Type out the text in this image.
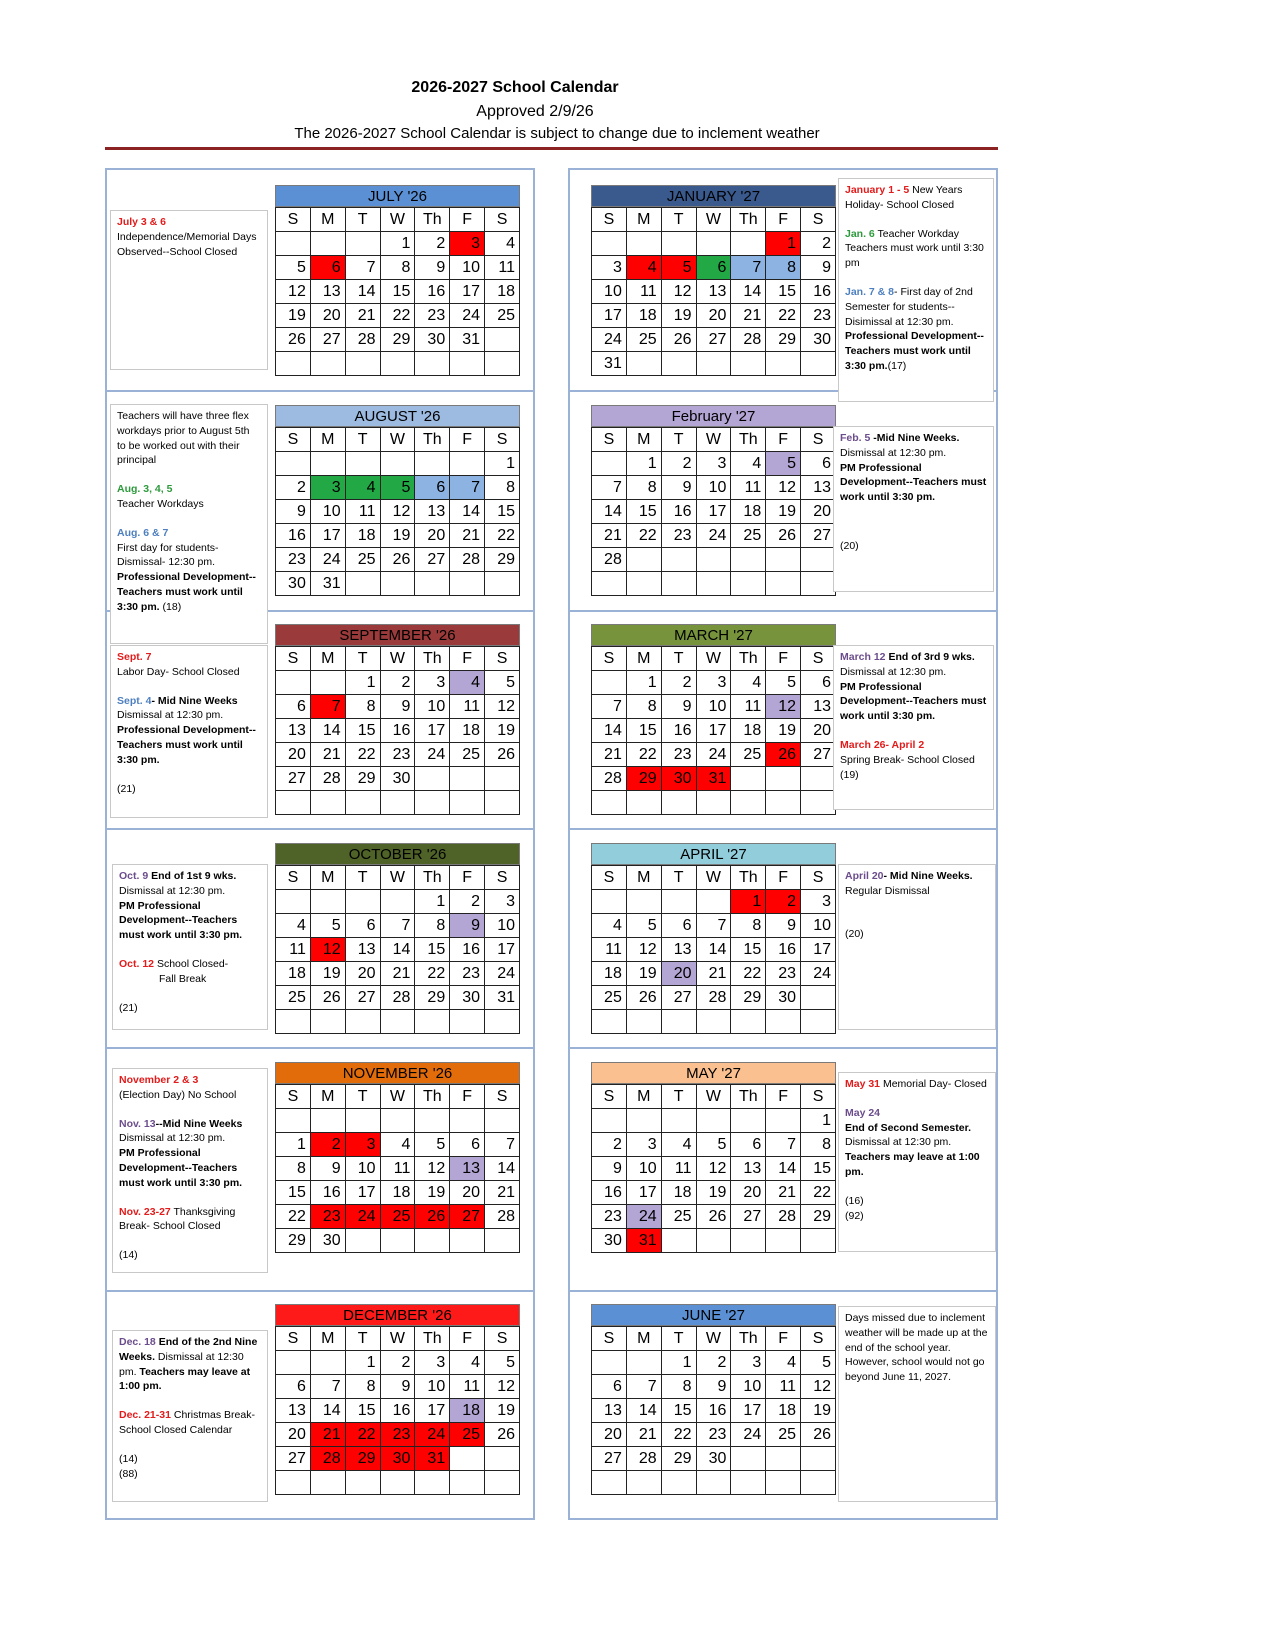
2026-2027 School Calendar
Approved 2/9/26
The 2026-2027 School Calendar is subject to change due to inclement weather
JULY '26
S	M	T	W	Th	F	S
			1	2	3	4
5	6	7	8	9	10	11
12	13	14	15	16	17	18
19	20	21	22	23	24	25
26	27	28	29	30	31	

JANUARY '27
S	M	T	W	Th	F	S
					1	2
3	4	5	6	7	8	9
10	11	12	13	14	15	16
17	18	19	20	21	22	23
24	25	26	27	28	29	30
31						
AUGUST '26
S	M	T	W	Th	F	S
						1
2	3	4	5	6	7	8
9	10	11	12	13	14	15
16	17	18	19	20	21	22
23	24	25	26	27	28	29
30	31					
February '27
S	M	T	W	Th	F	S
	1	2	3	4	5	6
7	8	9	10	11	12	13
14	15	16	17	18	19	20
21	22	23	24	25	26	27
28						

SEPTEMBER '26
S	M	T	W	Th	F	S
		1	2	3	4	5
6	7	8	9	10	11	12
13	14	15	16	17	18	19
20	21	22	23	24	25	26
27	28	29	30			

MARCH '27
S	M	T	W	Th	F	S
	1	2	3	4	5	6
7	8	9	10	11	12	13
14	15	16	17	18	19	20
21	22	23	24	25	26	27
28	29	30	31			

OCTOBER '26
S	M	T	W	Th	F	S
				1	2	3
4	5	6	7	8	9	10
11	12	13	14	15	16	17
18	19	20	21	22	23	24
25	26	27	28	29	30	31

APRIL '27
S	M	T	W	Th	F	S
				1	2	3
4	5	6	7	8	9	10
11	12	13	14	15	16	17
18	19	20	21	22	23	24
25	26	27	28	29	30	

NOVEMBER '26
S	M	T	W	Th	F	S

1	2	3	4	5	6	7
8	9	10	11	12	13	14
15	16	17	18	19	20	21
22	23	24	25	26	27	28
29	30					
MAY '27
S	M	T	W	Th	F	S
						1
2	3	4	5	6	7	8
9	10	11	12	13	14	15
16	17	18	19	20	21	22
23	24	25	26	27	28	29
30	31					
DECEMBER '26
S	M	T	W	Th	F	S
		1	2	3	4	5
6	7	8	9	10	11	12
13	14	15	16	17	18	19
20	21	22	23	24	25	26
27	28	29	30	31		

JUNE '27
S	M	T	W	Th	F	S
		1	2	3	4	5
6	7	8	9	10	11	12
13	14	15	16	17	18	19
20	21	22	23	24	25	26
27	28	29	30			

July 3 & 6
Independence/Memorial Days Observed--School Closed

January 1 - 5 New Years Holiday- School Closed

Jan. 6 Teacher Workday Teachers must work until 3:30 pm

Jan. 7 & 8- First day of 2nd Semester for students--Disimissal at 12:30 pm.
Professional Development--Teachers must work until 3:30 pm.(17)

Teachers will have three flex workdays prior to August 5th to be worked out with their principal

Aug. 3, 4, 5
Teacher Workdays

Aug. 6 & 7
First day for students-Dismissal- 12:30 pm.
Professional Development--Teachers must work until 3:30 pm. (18)

Feb. 5 -Mid Nine Weeks.
Dismissal at 12:30 pm.
PM Professional Development--Teachers must work until 3:30 pm.

(20)

Sept. 7
Labor Day- School Closed

Sept. 4- Mid Nine Weeks
Dismissal at 12:30 pm.
Professional Development--Teachers must work until 3:30 pm.

(21)

March 12 End of 3rd 9 wks.
Dismissal at 12:30 pm.
PM Professional Development--Teachers must work until 3:30 pm.

March 26- April 2
Spring Break- School Closed
(19)

Oct. 9 End of 1st 9 wks.
Dismissal at 12:30 pm.
PM Professional Development--Teachers must work until 3:30 pm.

Oct. 12 School Closed-
Fall Break

(21)

April 20- Mid Nine Weeks.
Regular Dismissal

(20)

November 2 & 3
(Election Day) No School

Nov. 13--Mid Nine Weeks
Dismissal at 12:30 pm.
PM Professional Development--Teachers must work until 3:30 pm.

Nov. 23-27 Thanksgiving Break- School Closed

(14)

May 31 Memorial Day- Closed

May 24
End of Second Semester.
Dismissal at 12:30 pm.
Teachers may leave at 1:00 pm.

(16)
(92)

Dec. 18 End of the 2nd Nine Weeks. Dismissal at 12:30 pm. Teachers may leave at 1:00 pm.

Dec. 21-31 Christmas Break- School Closed Calendar

(14)
(88)

Days missed due to inclement weather will be made up at the end of the school year. However, school would not go beyond June 11, 2027.
